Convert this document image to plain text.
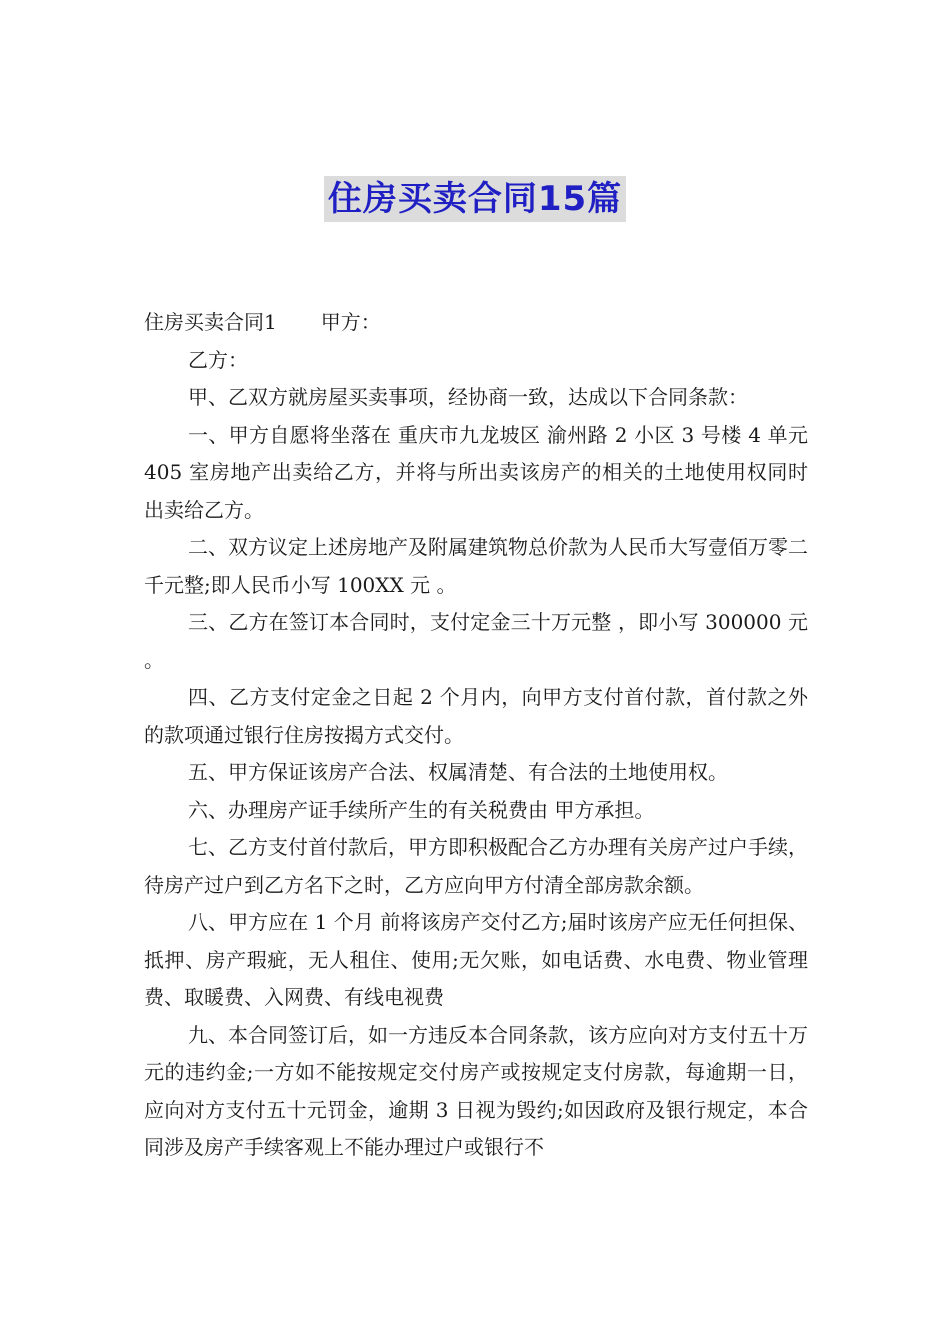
住房买卖合同15篇
住房买卖合同1 甲方：

乙方：

甲、乙双方就房屋买卖事项，经协商一致，达成以下合同条款：

一、甲方自愿将坐落在 重庆市九龙坡区 渝州路 2 小区 3 号楼 4 单元 405 室房地产出卖给乙方，并将与所出卖该房产的相关的土地使用权同时出卖给乙方。

二、双方议定上述房地产及附属建筑物总价款为人民币大写壹佰万零二千元整;即人民币小写 100XX 元 。

三、乙方在签订本合同时，支付定金三十万元整 ，即小写 300000 元 。

四、乙方支付定金之日起 2 个月内，向甲方支付首付款，首付款之外的款项通过银行住房按揭方式交付。

五、甲方保证该房产合法、权属清楚、有合法的土地使用权。

六、办理房产证手续所产生的有关税费由 甲方承担。

七、乙方支付首付款后，甲方即积极配合乙方办理有关房产过户手续，待房产过户到乙方名下之时，乙方应向甲方付清全部房款余额。

八、甲方应在 1 个月 前将该房产交付乙方;届时该房产应无任何担保、抵押、房产瑕疵，无人租住、使用;无欠账，如电话费、水电费、物业管理费、取暖费、入网费、有线电视费

九、本合同签订后，如一方违反本合同条款，该方应向对方支付五十万 元的违约金;一方如不能按规定交付房产或按规定支付房款，每逾期一日，应向对方支付五十元罚金，逾期 3 日视为毁约;如因政府及银行规定，本合同涉及房产手续客观上不能办理过户或银行不
